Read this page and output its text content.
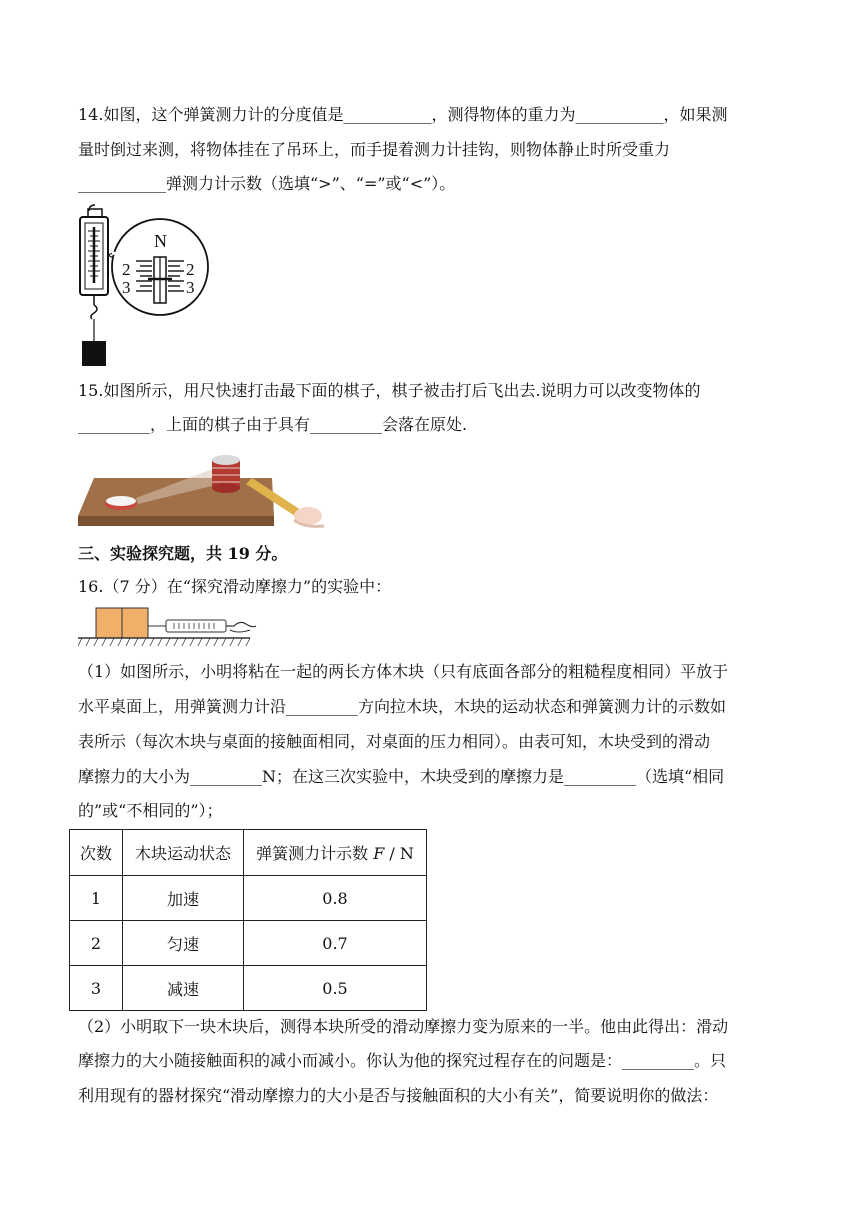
14.如图，这个弹簧测力计的分度值是___________，测得物体的重力为___________，如果测
量时倒过来测，将物体挂在了吊环上，而手提着测力计挂钩，则物体静止时所受重力
___________弹测力计示数（选填“>”、“=”或“<”）。
N
2
3
2
3
15.如图所示，用尺快速打击最下面的棋子，棋子被击打后飞出去.说明力可以改变物体的
_________，上面的棋子由于具有_________会落在原处.
三、实验探究题，共 19 分。
16.（7 分）在“探究滑动摩擦力”的实验中：
（1）如图所示，小明将粘在一起的两长方体木块（只有底面各部分的粗糙程度相同）平放于
水平桌面上，用弹簧测力计沿_________方向拉木块，木块的运动状态和弹簧测力计的示数如
表所示（每次木块与桌面的接触面相同，对桌面的压力相同）。由表可知，木块受到的滑动
摩擦力的大小为_________N；在这三次实验中，木块受到的摩擦力是_________（选填“相同
的”或“不相同的”）；
次数	木块运动状态	弹簧测力计示数 F / N
1	加速	0.8
2	匀速	0.7
3	减速	0.5
（2）小明取下一块木块后，测得本块所受的滑动摩擦力变为原来的一半。他由此得出：滑动
摩擦力的大小随接触面积的减小而减小。你认为他的探究过程存在的问题是：_________。只
利用现有的器材探究“滑动摩擦力的大小是否与接触面积的大小有关”，简要说明你的做法：
